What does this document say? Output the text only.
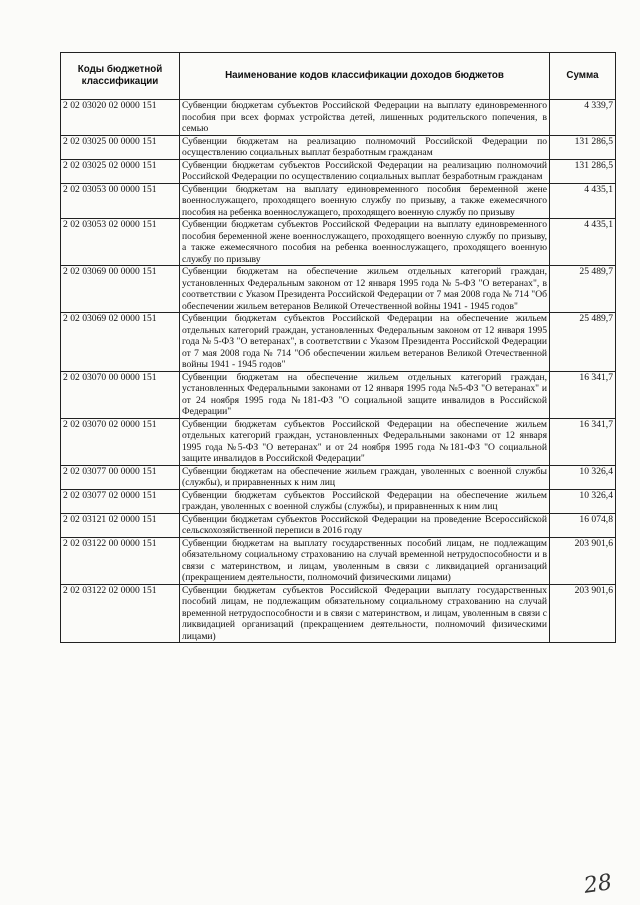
Коды бюджетной классификации	Наименование кодов классификации доходов бюджетов	Сумма
2 02 03020 02 0000 151	Субвенции бюджетам субъектов Российской Федерации на выплату единовременного пособия при всех формах устройства детей, лишенных родительского попечения, в семью	4 339,7
2 02 03025 00 0000 151	Субвенции бюджетам на реализацию полномочий Российской Федерации по осуществлению социальных выплат безработным гражданам	131 286,5
2 02 03025 02 0000 151	Субвенции бюджетам субъектов Российской Федерации на реализацию полномочий Российской Федерации по осуществлению социальных выплат безработным гражданам	131 286,5
2 02 03053 00 0000 151	Субвенции бюджетам на выплату единовременного пособия беременной жене военнослужащего, проходящего военную службу по призыву, а также ежемесячного пособия на ребенка военнослужащего, проходящего военную службу по призыву	4 435,1
2 02 03053 02 0000 151	Субвенции бюджетам субъектов Российской Федерации на выплату единовременного пособия беременной жене военнослужащего, проходящего военную службу по призыву, а также ежемесячного пособия на ребенка военнослужащего, проходящего военную службу по призыву	4 435,1
2 02 03069 00 0000 151	Субвенции бюджетам на обеспечение жильем отдельных категорий граждан, установленных Федеральным законом от 12 января 1995 года № 5-ФЗ "О ветеранах", в соответствии с Указом Президента Российской Федерации от 7 мая 2008 года № 714 "Об обеспечении жильем ветеранов Великой Отечественной войны 1941 - 1945 годов"	25 489,7
2 02 03069 02 0000 151	Субвенции бюджетам субъектов Российской Федерации на обеспечение жильем отдельных категорий граждан, установленных Федеральным законом от 12 января 1995 года № 5-ФЗ "О ветеранах", в соответствии с Указом Президента Российской Федерации от 7 мая 2008 года № 714 "Об обеспечении жильем ветеранов Великой Отечественной войны 1941 - 1945 годов"	25 489,7
2 02 03070 00 0000 151	Субвенции бюджетам на обеспечение жильем отдельных категорий граждан, установленных Федеральными законами от 12 января 1995 года №5-ФЗ "О ветеранах" и от 24 ноября 1995 года №181-ФЗ "О социальной защите инвалидов в Российской Федерации"	16 341,7
2 02 03070 02 0000 151	Субвенции бюджетам субъектов Российской Федерации на обеспечение жильем отдельных категорий граждан, установленных Федеральными законами от 12 января 1995 года №5-ФЗ "О ветеранах" и от 24 ноября 1995 года №181-ФЗ "О социальной защите инвалидов в Российской Федерации"	16 341,7
2 02 03077 00 0000 151	Субвенции бюджетам на обеспечение жильем граждан, уволенных с военной службы (службы), и приравненных к ним лиц	10 326,4
2 02 03077 02 0000 151	Субвенции бюджетам субъектов Российской Федерации на обеспечение жильем граждан, уволенных с военной службы (службы), и приравненных к ним лиц	10 326,4
2 02 03121 02 0000 151	Субвенции бюджетам субъектов Российской Федерации на проведение Всероссийской сельскохозяйственной переписи в 2016 году	16 074,8
2 02 03122 00 0000 151	Субвенции бюджетам на выплату государственных пособий лицам, не подлежащим обязательному социальному страхованию на случай временной нетрудоспособности и в связи с материнством, и лицам, уволенным в связи с ликвидацией организаций (прекращением деятельности, полномочий физическими лицами)	203 901,6
2 02 03122 02 0000 151	Субвенции бюджетам субъектов Российской Федерации выплату государственных пособий лицам, не подлежащим обязательному социальному страхованию на случай временной нетрудоспособности и в связи с материнством, и лицам, уволенным в связи с ликвидацией организаций (прекращением деятельности, полномочий физическими лицами)	203 901,6
28
